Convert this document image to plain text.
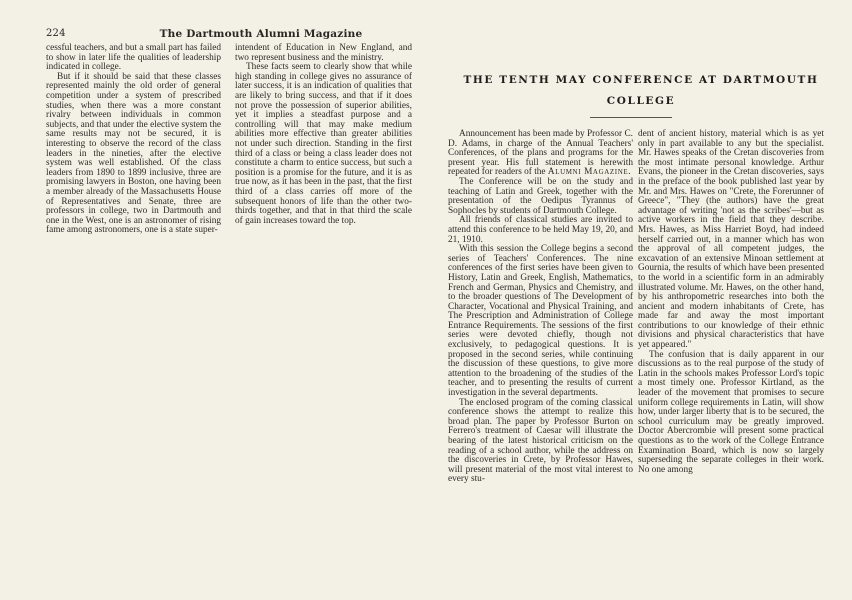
224	The Dartmouth Alumni Magazine

cessful teachers, and but a small part has failed to show in later life the qualities of leadership indicated in college.

But if it should be said that these classes represented mainly the old order of general competition under a system of prescribed studies, when there was a more constant rivalry between individuals in common subjects, and that under the elective system the same results may not be secured, it is interesting to observe the record of the class leaders in the nineties, after the elective system was well established. Of the class leaders from 1890 to 1899 inclusive, three are promising lawyers in Boston, one having been a member already of the Massachusetts House of Representatives and Senate, three are professors in college, two in Dartmouth and one in the West, one is an astronomer of rising fame among astronomers, one is a state super-

intendent of Education in New England, and two represent business and the ministry.

These facts seem to clearly show that while high standing in college gives no assurance of later success, it is an indication of qualities that are likely to bring success, and that if it does not prove the possession of superior abilities, yet it implies a steadfast purpose and a controlling will that may make medium abilities more effective than greater abilities not under such direction. Standing in the first third of a class or being a class leader does not constitute a charm to entice success, but such a position is a promise for the future, and it is as true now, as it has been in the past, that the first third of a class carries off more of the subsequent honors of life than the other two-thirds together, and that in that third the scale of gain increases toward the top.

THE TENTH MAY CONFERENCE AT DARTMOUTH
COLLEGE

Announcement has been made by Professor C. D. Adams, in charge of the Annual Teachers' Conferences, of the plans and programs for the present year. His full statement is herewith repeated for readers of the Alumni Magazine.

The Conference will be on the study and teaching of Latin and Greek, together with the presentation of the Oedipus Tyrannus of Sophocles by students of Dartmouth College.

All friends of classical studies are invited to attend this conference to be held May 19, 20, and 21, 1910.

With this session the College begins a second series of Teachers' Conferences. The nine conferences of the first series have been given to History, Latin and Greek, English, Mathematics, French and German, Physics and Chemistry, and to the broader questions of The Development of Character, Vocational and Physical Training, and The Prescription and Administration of College Entrance Requirements. The sessions of the first series were devoted chiefly, though not exclusively, to pedagogical questions. It is proposed in the second series, while continuing the discussion of these questions, to give more attention to the broadening of the studies of the teacher, and to presenting the results of current investigation in the several departments.

The enclosed program of the coming classical conference shows the attempt to realize this broad plan. The paper by Professor Burton on Ferrero's treatment of Caesar will illustrate the bearing of the latest historical criticism on the reading of a school author, while the address on the discoveries in Crete, by Professor Hawes, will present material of the most vital interest to every stu-

dent of ancient history, material which is as yet only in part available to any but the specialist. Mr. Hawes speaks of the Cretan discoveries from the most intimate personal knowledge. Arthur Evans, the pioneer in the Cretan discoveries, says in the preface of the book published last year by Mr. and Mrs. Hawes on "Crete, the Forerunner of Greece", "They (the authors) have the great advantage of writing 'not as the scribes'—but as active workers in the field that they describe. Mrs. Hawes, as Miss Harriet Boyd, had indeed herself carried out, in a manner which has won the approval of all competent judges, the excavation of an extensive Minoan settlement at Gournia, the results of which have been presented to the world in a scientific form in an admirably illustrated volume. Mr. Hawes, on the other hand, by his anthropometric researches into both the ancient and modern inhabitants of Crete, has made far and away the most important contributions to our knowledge of their ethnic divisions and physical characteristics that have yet appeared."

The confusion that is daily apparent in our discussions as to the real purpose of the study of Latin in the schools makes Professor Lord's topic a most timely one. Professor Kirtland, as the leader of the movement that promises to secure uniform college requirements in Latin, will show how, under larger liberty that is to be secured, the school curriculum may be greatly improved. Doctor Abercrombie will present some practical questions as to the work of the College Entrance Examination Board, which is now so largely superseding the separate colleges in their work. No one among
